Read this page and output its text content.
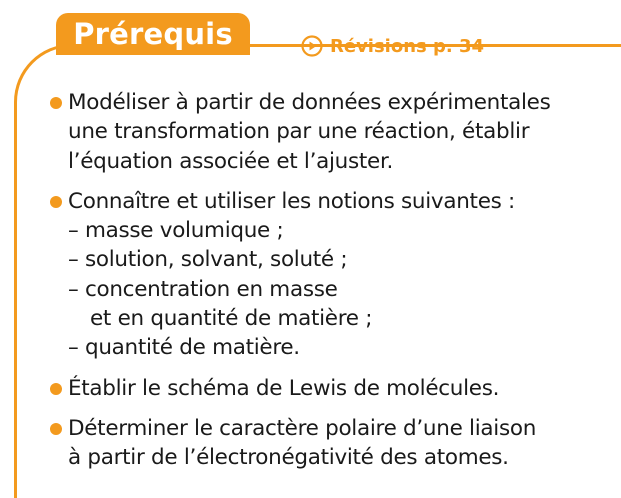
Prérequis	Révisions p. 34
Modéliser à partir de données expérimentales
une transformation par une réaction, établir
l’équation associée et l’ajuster.
Connaître et utiliser les notions suivantes :
– masse volumique ;
– solution, solvant, soluté ;
– concentration en masse
et en quantité de matière ;
– quantité de matière.
Établir le schéma de Lewis de molécules.
Déterminer le caractère polaire d’une liaison
à partir de l’électronégativité des atomes.
